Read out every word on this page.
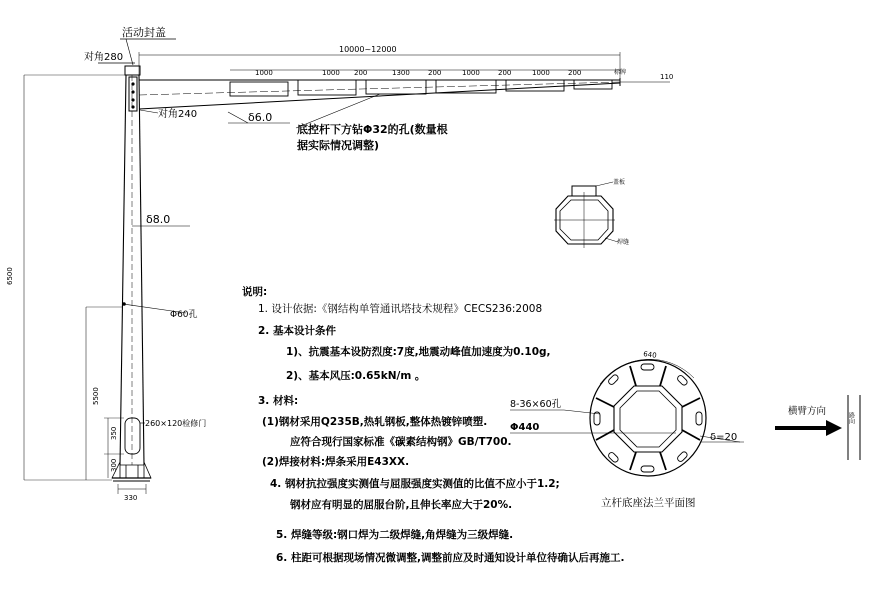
对角280
活动封盖
110
10000~12000
1000	1000 200	1300	200	1000	200	1000	200	标牌
对角240	δ6.0
底控杆下方钻Φ32的孔(数量根
据实际情况调整)
δ8.0
Φ60孔
260×120检修门
330
6500
5500
350
300
盖板
焊缝
640
8-36×60孔
Φ440
δ=20
立杆底座法兰平面图
横臂方向
路向
说明:
1. 设计依据:《钢结构单管通讯塔技术规程》CECS236:2008
2. 基本设计条件
1)、抗震基本设防烈度:7度,地震动峰值加速度为0.10g,
2)、基本风压:0.65kN/m 。
3. 材料:
(1)钢材采用Q235B,热轧钢板,整体热镀锌喷塑.
应符合现行国家标准《碳素结构钢》GB/T700.
(2)焊接材料:焊条采用E43XX.
4. 钢材抗拉强度实测值与屈服强度实测值的比值不应小于1.2;
钢材应有明显的屈服台阶,且伸长率应大于20%.
5. 焊缝等级:钢口焊为二级焊缝,角焊缝为三级焊缝.
6. 柱距可根据现场情况微调整,调整前应及时通知设计单位待确认后再施工.
